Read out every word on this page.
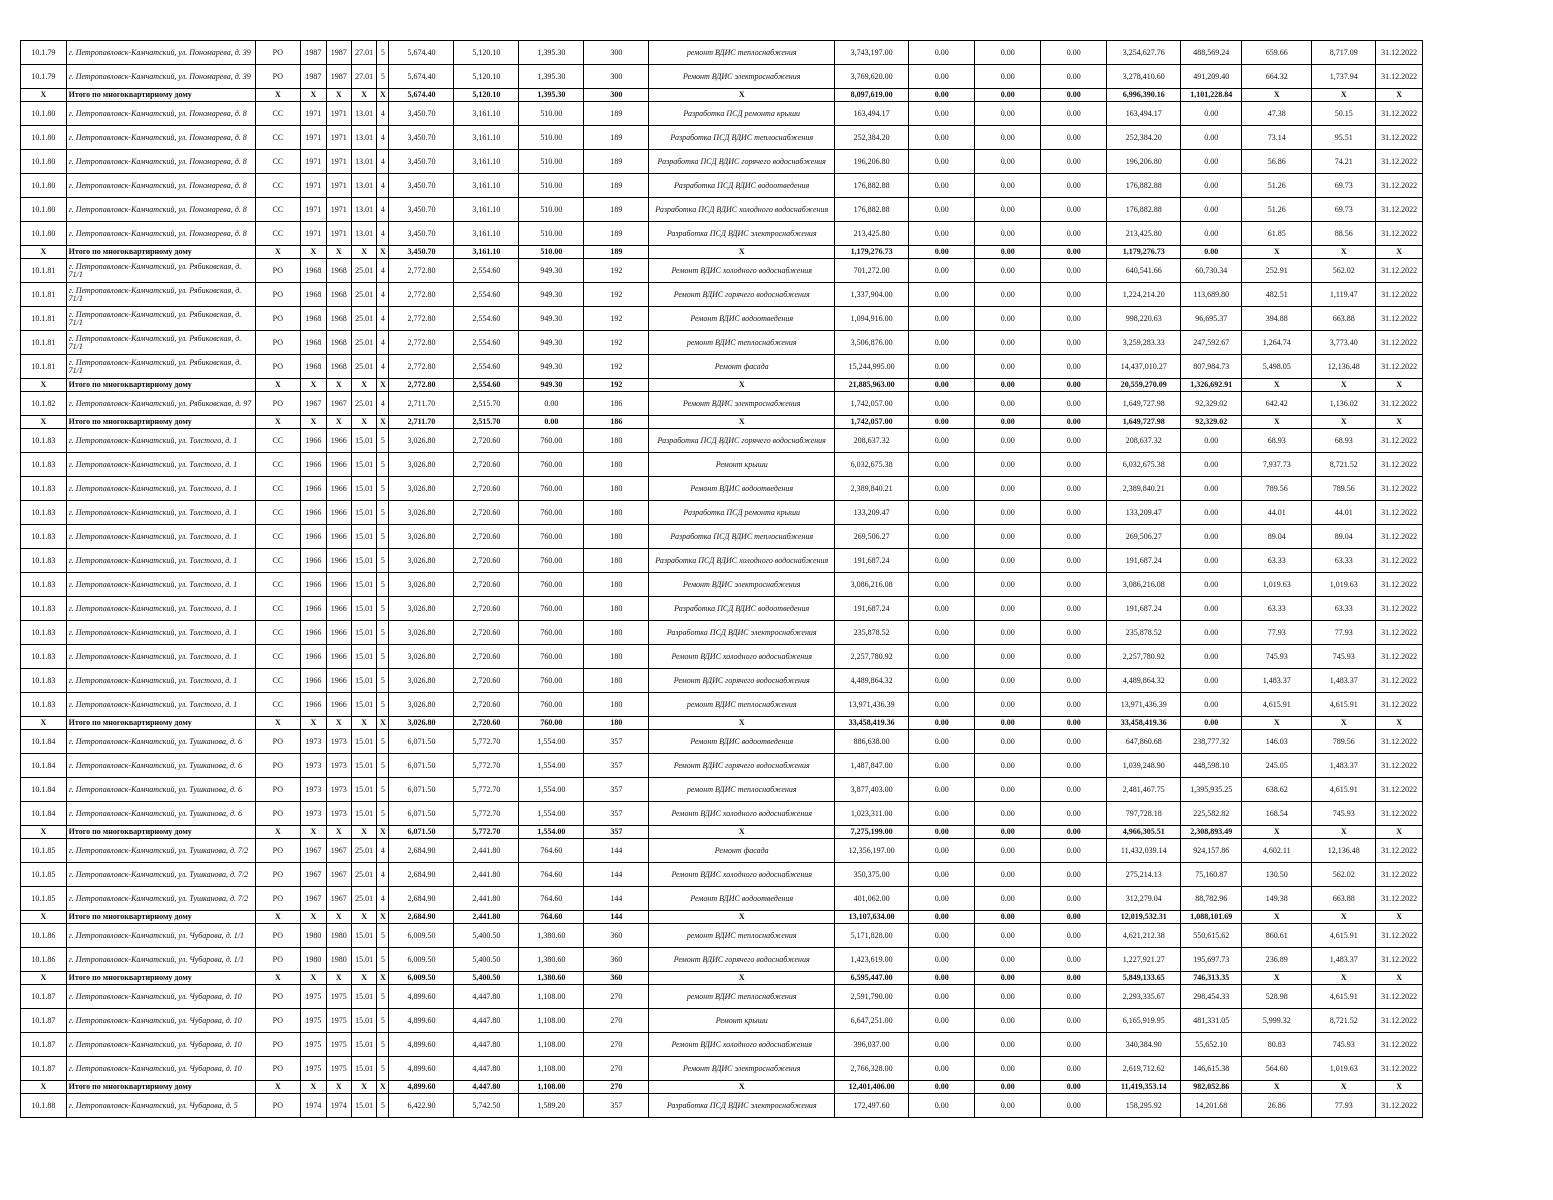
10.1.79	г. Петропавловск-Камчатский, ул. Пономарева, д. 39	РО	1987	1987	27.01	5	5,674.40	5,120.10	1,395.30	300	ремонт ВДИС теплоснабжения	3,743,197.00	0.00	0.00	0.00	3,254,627.76	488,569.24	659.66	8,717.09	31.12.2022
10.1.79	г. Петропавловск-Камчатский, ул. Пономарева, д. 39	РО	1987	1987	27.01	5	5,674.40	5,120.10	1,395.30	300	Ремонт ВДИС электроснабжения	3,769,620.00	0.00	0.00	0.00	3,278,410.60	491,209.40	664.32	1,737.94	31.12.2022
X	Итого по многоквартирному дому	X	X	X	X	X	5,674.40	5,120.10	1,395.30	300	X	8,097,619.00	0.00	0.00	0.00	6,996,390.16	1,101,228.84	X	X	X
10.1.80	г. Петропавловск-Камчатский, ул. Пономарева, д. 8	СС	1971	1971	13.01	4	3,450.70	3,161.10	510.00	189	Разработка ПСД ремонта крыши	163,494.17	0.00	0.00	0.00	163,494.17	0.00	47.38	50.15	31.12.2022
10.1.80	г. Петропавловск-Камчатский, ул. Пономарева, д. 8	СС	1971	1971	13.01	4	3,450.70	3,161.10	510.00	189	Разработка ПСД ВДИС теплоснабжения	252,384.20	0.00	0.00	0.00	252,384.20	0.00	73.14	95.51	31.12.2022
10.1.80	г. Петропавловск-Камчатский, ул. Пономарева, д. 8	СС	1971	1971	13.01	4	3,450.70	3,161.10	510.00	189	Разработка ПСД ВДИС горячего водоснабжения	196,206.80	0.00	0.00	0.00	196,206.80	0.00	56.86	74.21	31.12.2022
10.1.80	г. Петропавловск-Камчатский, ул. Пономарева, д. 8	СС	1971	1971	13.01	4	3,450.70	3,161.10	510.00	189	Разработка ПСД ВДИС водоотведения	176,882.88	0.00	0.00	0.00	176,882.88	0.00	51.26	69.73	31.12.2022
10.1.80	г. Петропавловск-Камчатский, ул. Пономарева, д. 8	СС	1971	1971	13.01	4	3,450.70	3,161.10	510.00	189	Разработка ПСД ВДИС холодного водоснабжения	176,882.88	0.00	0.00	0.00	176,882.88	0.00	51.26	69.73	31.12.2022
10.1.80	г. Петропавловск-Камчатский, ул. Пономарева, д. 8	СС	1971	1971	13.01	4	3,450.70	3,161.10	510.00	189	Разработка ПСД ВДИС электроснабжения	213,425.80	0.00	0.00	0.00	213,425.80	0.00	61.85	88.56	31.12.2022
X	Итого по многоквартирному дому	X	X	X	X	X	3,450.70	3,161.10	510.00	189	X	1,179,276.73	0.00	0.00	0.00	1,179,276.73	0.00	X	X	X
10.1.81	г. Петропавловск-Камчатский, ул. Рябиковская, д. 71/1	РО	1968	1968	25.01	4	2,772.80	2,554.60	949.30	192	Ремонт ВДИС холодного водоснабжения	701,272.00	0.00	0.00	0.00	640,541.66	60,730.34	252.91	562.02	31.12.2022
10.1.81	г. Петропавловск-Камчатский, ул. Рябиковская, д. 71/1	РО	1968	1968	25.01	4	2,772.80	2,554.60	949.30	192	Ремонт ВДИС горячего водоснабжения	1,337,904.00	0.00	0.00	0.00	1,224,214.20	113,689.80	482.51	1,119.47	31.12.2022
10.1.81	г. Петропавловск-Камчатский, ул. Рябиковская, д. 71/1	РО	1968	1968	25.01	4	2,772.80	2,554.60	949.30	192	Ремонт ВДИС водоотведения	1,094,916.00	0.00	0.00	0.00	998,220.63	96,695.37	394.88	663.88	31.12.2022
10.1.81	г. Петропавловск-Камчатский, ул. Рябиковская, д. 71/1	РО	1968	1968	25.01	4	2,772.80	2,554.60	949.30	192	ремонт ВДИС теплоснабжения	3,506,876.00	0.00	0.00	0.00	3,259,283.33	247,592.67	1,264.74	3,773.40	31.12.2022
10.1.81	г. Петропавловск-Камчатский, ул. Рябиковская, д. 71/1	РО	1968	1968	25.01	4	2,772.80	2,554.60	949.30	192	Ремонт фасада	15,244,995.00	0.00	0.00	0.00	14,437,010.27	807,984.73	5,498.05	12,136.48	31.12.2022
X	Итого по многоквартирному дому	X	X	X	X	X	2,772.80	2,554.60	949.30	192	X	21,885,963.00	0.00	0.00	0.00	20,559,270.09	1,326,692.91	X	X	X
10.1.82	г. Петропавловск-Камчатский, ул. Рябиковская, д. 97	РО	1967	1967	25.01	4	2,711.70	2,515.70	0.00	186	Ремонт ВДИС электроснабжения	1,742,057.00	0.00	0.00	0.00	1,649,727.98	92,329.02	642.42	1,136.02	31.12.2022
X	Итого по многоквартирному дому	X	X	X	X	X	2,711.70	2,515.70	0.00	186	X	1,742,057.00	0.00	0.00	0.00	1,649,727.98	92,329.02	X	X	X
10.1.83	г. Петропавловск-Камчатский, ул. Толстого, д. 1	СС	1966	1966	15.01	5	3,026.80	2,720.60	760.00	180	Разработка ПСД ВДИС горячего водоснабжения	208,637.32	0.00	0.00	0.00	208,637.32	0.00	68.93	68.93	31.12.2022
10.1.83	г. Петропавловск-Камчатский, ул. Толстого, д. 1	СС	1966	1966	15.01	5	3,026.80	2,720.60	760.00	180	Ремонт крыши	6,032,675.38	0.00	0.00	0.00	6,032,675.38	0.00	7,937.73	8,721.52	31.12.2022
10.1.83	г. Петропавловск-Камчатский, ул. Толстого, д. 1	СС	1966	1966	15.01	5	3,026.80	2,720.60	760.00	180	Ремонт ВДИС водоотведения	2,389,840.21	0.00	0.00	0.00	2,389,840.21	0.00	789.56	789.56	31.12.2022
10.1.83	г. Петропавловск-Камчатский, ул. Толстого, д. 1	СС	1966	1966	15.01	5	3,026.80	2,720.60	760.00	180	Разработка ПСД ремонта крыши	133,209.47	0.00	0.00	0.00	133,209.47	0.00	44.01	44.01	31.12.2022
10.1.83	г. Петропавловск-Камчатский, ул. Толстого, д. 1	СС	1966	1966	15.01	5	3,026.80	2,720.60	760.00	180	Разработка ПСД ВДИС теплоснабжения	269,506.27	0.00	0.00	0.00	269,506.27	0.00	89.04	89.04	31.12.2022
10.1.83	г. Петропавловск-Камчатский, ул. Толстого, д. 1	СС	1966	1966	15.01	5	3,026.80	2,720.60	760.00	180	Разработка ПСД ВДИС холодного водоснабжения	191,687.24	0.00	0.00	0.00	191,687.24	0.00	63.33	63.33	31.12.2022
10.1.83	г. Петропавловск-Камчатский, ул. Толстого, д. 1	СС	1966	1966	15.01	5	3,026.80	2,720.60	760.00	180	Ремонт ВДИС электроснабжения	3,086,216.08	0.00	0.00	0.00	3,086,216.08	0.00	1,019.63	1,019.63	31.12.2022
10.1.83	г. Петропавловск-Камчатский, ул. Толстого, д. 1	СС	1966	1966	15.01	5	3,026.80	2,720.60	760.00	180	Разработка ПСД ВДИС водоотведения	191,687.24	0.00	0.00	0.00	191,687.24	0.00	63.33	63.33	31.12.2022
10.1.83	г. Петропавловск-Камчатский, ул. Толстого, д. 1	СС	1966	1966	15.01	5	3,026.80	2,720.60	760.00	180	Разработка ПСД ВДИС электроснабжения	235,878.52	0.00	0.00	0.00	235,878.52	0.00	77.93	77.93	31.12.2022
10.1.83	г. Петропавловск-Камчатский, ул. Толстого, д. 1	СС	1966	1966	15.01	5	3,026.80	2,720.60	760.00	180	Ремонт ВДИС холодного водоснабжения	2,257,780.92	0.00	0.00	0.00	2,257,780.92	0.00	745.93	745.93	31.12.2022
10.1.83	г. Петропавловск-Камчатский, ул. Толстого, д. 1	СС	1966	1966	15.01	5	3,026.80	2,720.60	760.00	180	Ремонт ВДИС горячего водоснабжения	4,489,864.32	0.00	0.00	0.00	4,489,864.32	0.00	1,483.37	1,483.37	31.12.2022
10.1.83	г. Петропавловск-Камчатский, ул. Толстого, д. 1	СС	1966	1966	15.01	5	3,026.80	2,720.60	760.00	180	ремонт ВДИС теплоснабжения	13,971,436.39	0.00	0.00	0.00	13,971,436.39	0.00	4,615.91	4,615.91	31.12.2022
X	Итого по многоквартирному дому	X	X	X	X	X	3,026.80	2,720.60	760.00	180	X	33,458,419.36	0.00	0.00	0.00	33,458,419.36	0.00	X	X	X
10.1.84	г. Петропавловск-Камчатский, ул. Тушканова, д. 6	РО	1973	1973	15.01	5	6,071.50	5,772.70	1,554.00	357	Ремонт ВДИС водоотведения	886,638.00	0.00	0.00	0.00	647,860.68	238,777.32	146.03	789.56	31.12.2022
10.1.84	г. Петропавловск-Камчатский, ул. Тушканова, д. 6	РО	1973	1973	15.01	5	6,071.50	5,772.70	1,554.00	357	Ремонт ВДИС горячего водоснабжения	1,487,847.00	0.00	0.00	0.00	1,039,248.90	448,598.10	245.05	1,483.37	31.12.2022
10.1.84	г. Петропавловск-Камчатский, ул. Тушканова, д. 6	РО	1973	1973	15.01	5	6,071.50	5,772.70	1,554.00	357	ремонт ВДИС теплоснабжения	3,877,403.00	0.00	0.00	0.00	2,481,467.75	1,395,935.25	638.62	4,615.91	31.12.2022
10.1.84	г. Петропавловск-Камчатский, ул. Тушканова, д. 6	РО	1973	1973	15.01	5	6,071.50	5,772.70	1,554.00	357	Ремонт ВДИС холодного водоснабжения	1,023,311.00	0.00	0.00	0.00	797,728.18	225,582.82	168.54	745.93	31.12.2022
X	Итого по многоквартирному дому	X	X	X	X	X	6,071.50	5,772.70	1,554.00	357	X	7,275,199.00	0.00	0.00	0.00	4,966,305.51	2,308,893.49	X	X	X
10.1.85	г. Петропавловск-Камчатский, ул. Тушканова, д. 7/2	РО	1967	1967	25.01	4	2,684.90	2,441.80	764.60	144	Ремонт фасада	12,356,197.00	0.00	0.00	0.00	11,432,039.14	924,157.86	4,602.11	12,136.48	31.12.2022
10.1.85	г. Петропавловск-Камчатский, ул. Тушканова, д. 7/2	РО	1967	1967	25.01	4	2,684.90	2,441.80	764.60	144	Ремонт ВДИС холодного водоснабжения	350,375.00	0.00	0.00	0.00	275,214.13	75,160.87	130.50	562.02	31.12.2022
10.1.85	г. Петропавловск-Камчатский, ул. Тушканова, д. 7/2	РО	1967	1967	25.01	4	2,684.90	2,441.80	764.60	144	Ремонт ВДИС водоотведения	401,062.00	0.00	0.00	0.00	312,279.04	88,782.96	149.38	663.88	31.12.2022
X	Итого по многоквартирному дому	X	X	X	X	X	2,684.90	2,441.80	764.60	144	X	13,107,634.00	0.00	0.00	0.00	12,019,532.31	1,088,101.69	X	X	X
10.1.86	г. Петропавловск-Камчатский, ул. Чубарова, д. 1/1	РО	1980	1980	15.01	5	6,009.50	5,400.50	1,380.60	360	ремонт ВДИС теплоснабжения	5,171,828.00	0.00	0.00	0.00	4,621,212.38	550,615.62	860.61	4,615.91	31.12.2022
10.1.86	г. Петропавловск-Камчатский, ул. Чубарова, д. 1/1	РО	1980	1980	15.01	5	6,009.50	5,400.50	1,380.60	360	Ремонт ВДИС горячего водоснабжения	1,423,619.00	0.00	0.00	0.00	1,227,921.27	195,697.73	236.89	1,483.37	31.12.2022
X	Итого по многоквартирному дому	X	X	X	X	X	6,009.50	5,400.50	1,380.60	360	X	6,595,447.00	0.00	0.00	0.00	5,849,133.65	746,313.35	X	X	X
10.1.87	г. Петропавловск-Камчатский, ул. Чубарова, д. 10	РО	1975	1975	15.01	5	4,899.60	4,447.80	1,108.00	270	ремонт ВДИС теплоснабжения	2,591,790.00	0.00	0.00	0.00	2,293,335.67	298,454.33	528.98	4,615.91	31.12.2022
10.1.87	г. Петропавловск-Камчатский, ул. Чубарова, д. 10	РО	1975	1975	15.01	5	4,899.60	4,447.80	1,108.00	270	Ремонт крыши	6,647,251.00	0.00	0.00	0.00	6,165,919.95	481,331.05	5,999.32	8,721.52	31.12.2022
10.1.87	г. Петропавловск-Камчатский, ул. Чубарова, д. 10	РО	1975	1975	15.01	5	4,899.60	4,447.80	1,108.00	270	Ремонт ВДИС холодного водоснабжения	396,037.00	0.00	0.00	0.00	340,384.90	55,652.10	80.83	745.93	31.12.2022
10.1.87	г. Петропавловск-Камчатский, ул. Чубарова, д. 10	РО	1975	1975	15.01	5	4,899.60	4,447.80	1,108.00	270	Ремонт ВДИС электроснабжения	2,766,328.00	0.00	0.00	0.00	2,619,712.62	146,615.38	564.60	1,019.63	31.12.2022
X	Итого по многоквартирному дому	X	X	X	X	X	4,899.60	4,447.80	1,108.00	270	X	12,401,406.00	0.00	0.00	0.00	11,419,353.14	982,052.86	X	X	X
10.1.88	г. Петропавловск-Камчатский, ул. Чубарова, д. 5	РО	1974	1974	15.01	5	6,422.90	5,742.50	1,589.20	357	Разработка ПСД ВДИС электроснабжения	172,497.60	0.00	0.00	0.00	158,295.92	14,201.68	26.86	77.93	31.12.2022
